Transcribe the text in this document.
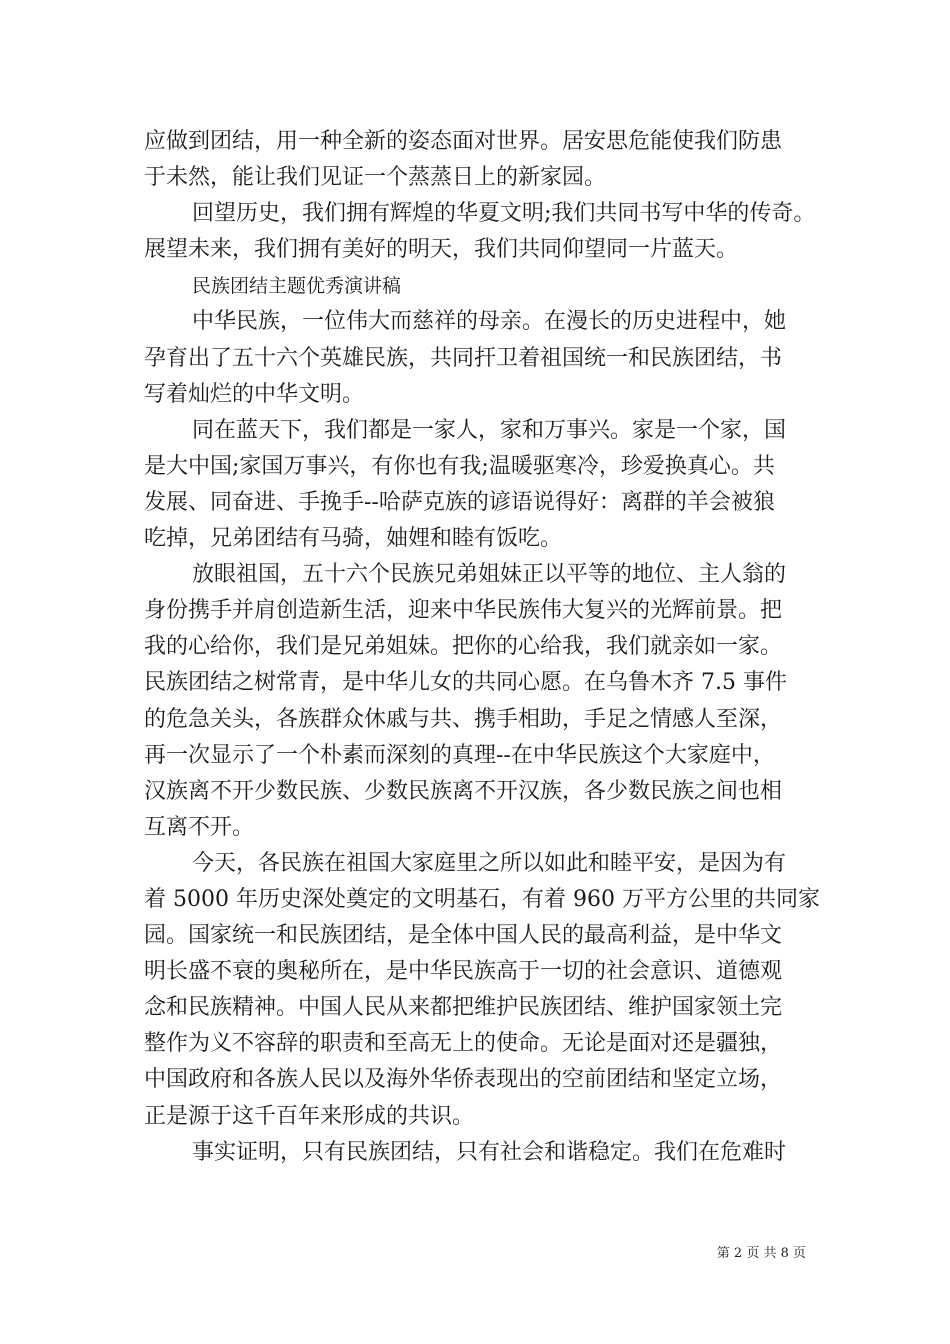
应做到团结，用一种全新的姿态面对世界。居安思危能使我们防患
于未然，能让我们见证一个蒸蒸日上的新家园。
回望历史，我们拥有辉煌的华夏文明;我们共同书写中华的传奇。
展望未来，我们拥有美好的明天，我们共同仰望同一片蓝天。
民族团结主题优秀演讲稿
中华民族，一位伟大而慈祥的母亲。在漫长的历史进程中，她
孕育出了五十六个英雄民族，共同扞卫着祖国统一和民族团结，书
写着灿烂的中华文明。
同在蓝天下，我们都是一家人，家和万事兴。家是一个家，国
是大中国;家国万事兴，有你也有我;温暖驱寒冷，珍爱换真心。共
发展、同奋进、手挽手--哈萨克族的谚语说得好：离群的羊会被狼
吃掉，兄弟团结有马骑，妯娌和睦有饭吃。
放眼祖国，五十六个民族兄弟姐妹正以平等的地位、主人翁的
身份携手并肩创造新生活，迎来中华民族伟大复兴的光辉前景。把
我的心给你，我们是兄弟姐妹。把你的心给我，我们就亲如一家。
民族团结之树常青，是中华儿女的共同心愿。在乌鲁木齐 7.5 事件
的危急关头，各族群众休戚与共、携手相助，手足之情感人至深，
再一次显示了一个朴素而深刻的真理--在中华民族这个大家庭中，
汉族离不开少数民族、少数民族离不开汉族，各少数民族之间也相
互离不开。
今天，各民族在祖国大家庭里之所以如此和睦平安，是因为有
着 5000 年历史深处奠定的文明基石，有着 960 万平方公里的共同家
园。国家统一和民族团结，是全体中国人民的最高利益，是中华文
明长盛不衰的奥秘所在，是中华民族高于一切的社会意识、道德观
念和民族精神。中国人民从来都把维护民族团结、维护国家领土完
整作为义不容辞的职责和至高无上的使命。无论是面对还是疆独，
中国政府和各族人民以及海外华侨表现出的空前团结和坚定立场，
正是源于这千百年来形成的共识。
事实证明，只有民族团结，只有社会和谐稳定。我们在危难时
第 2 页 共 8 页
